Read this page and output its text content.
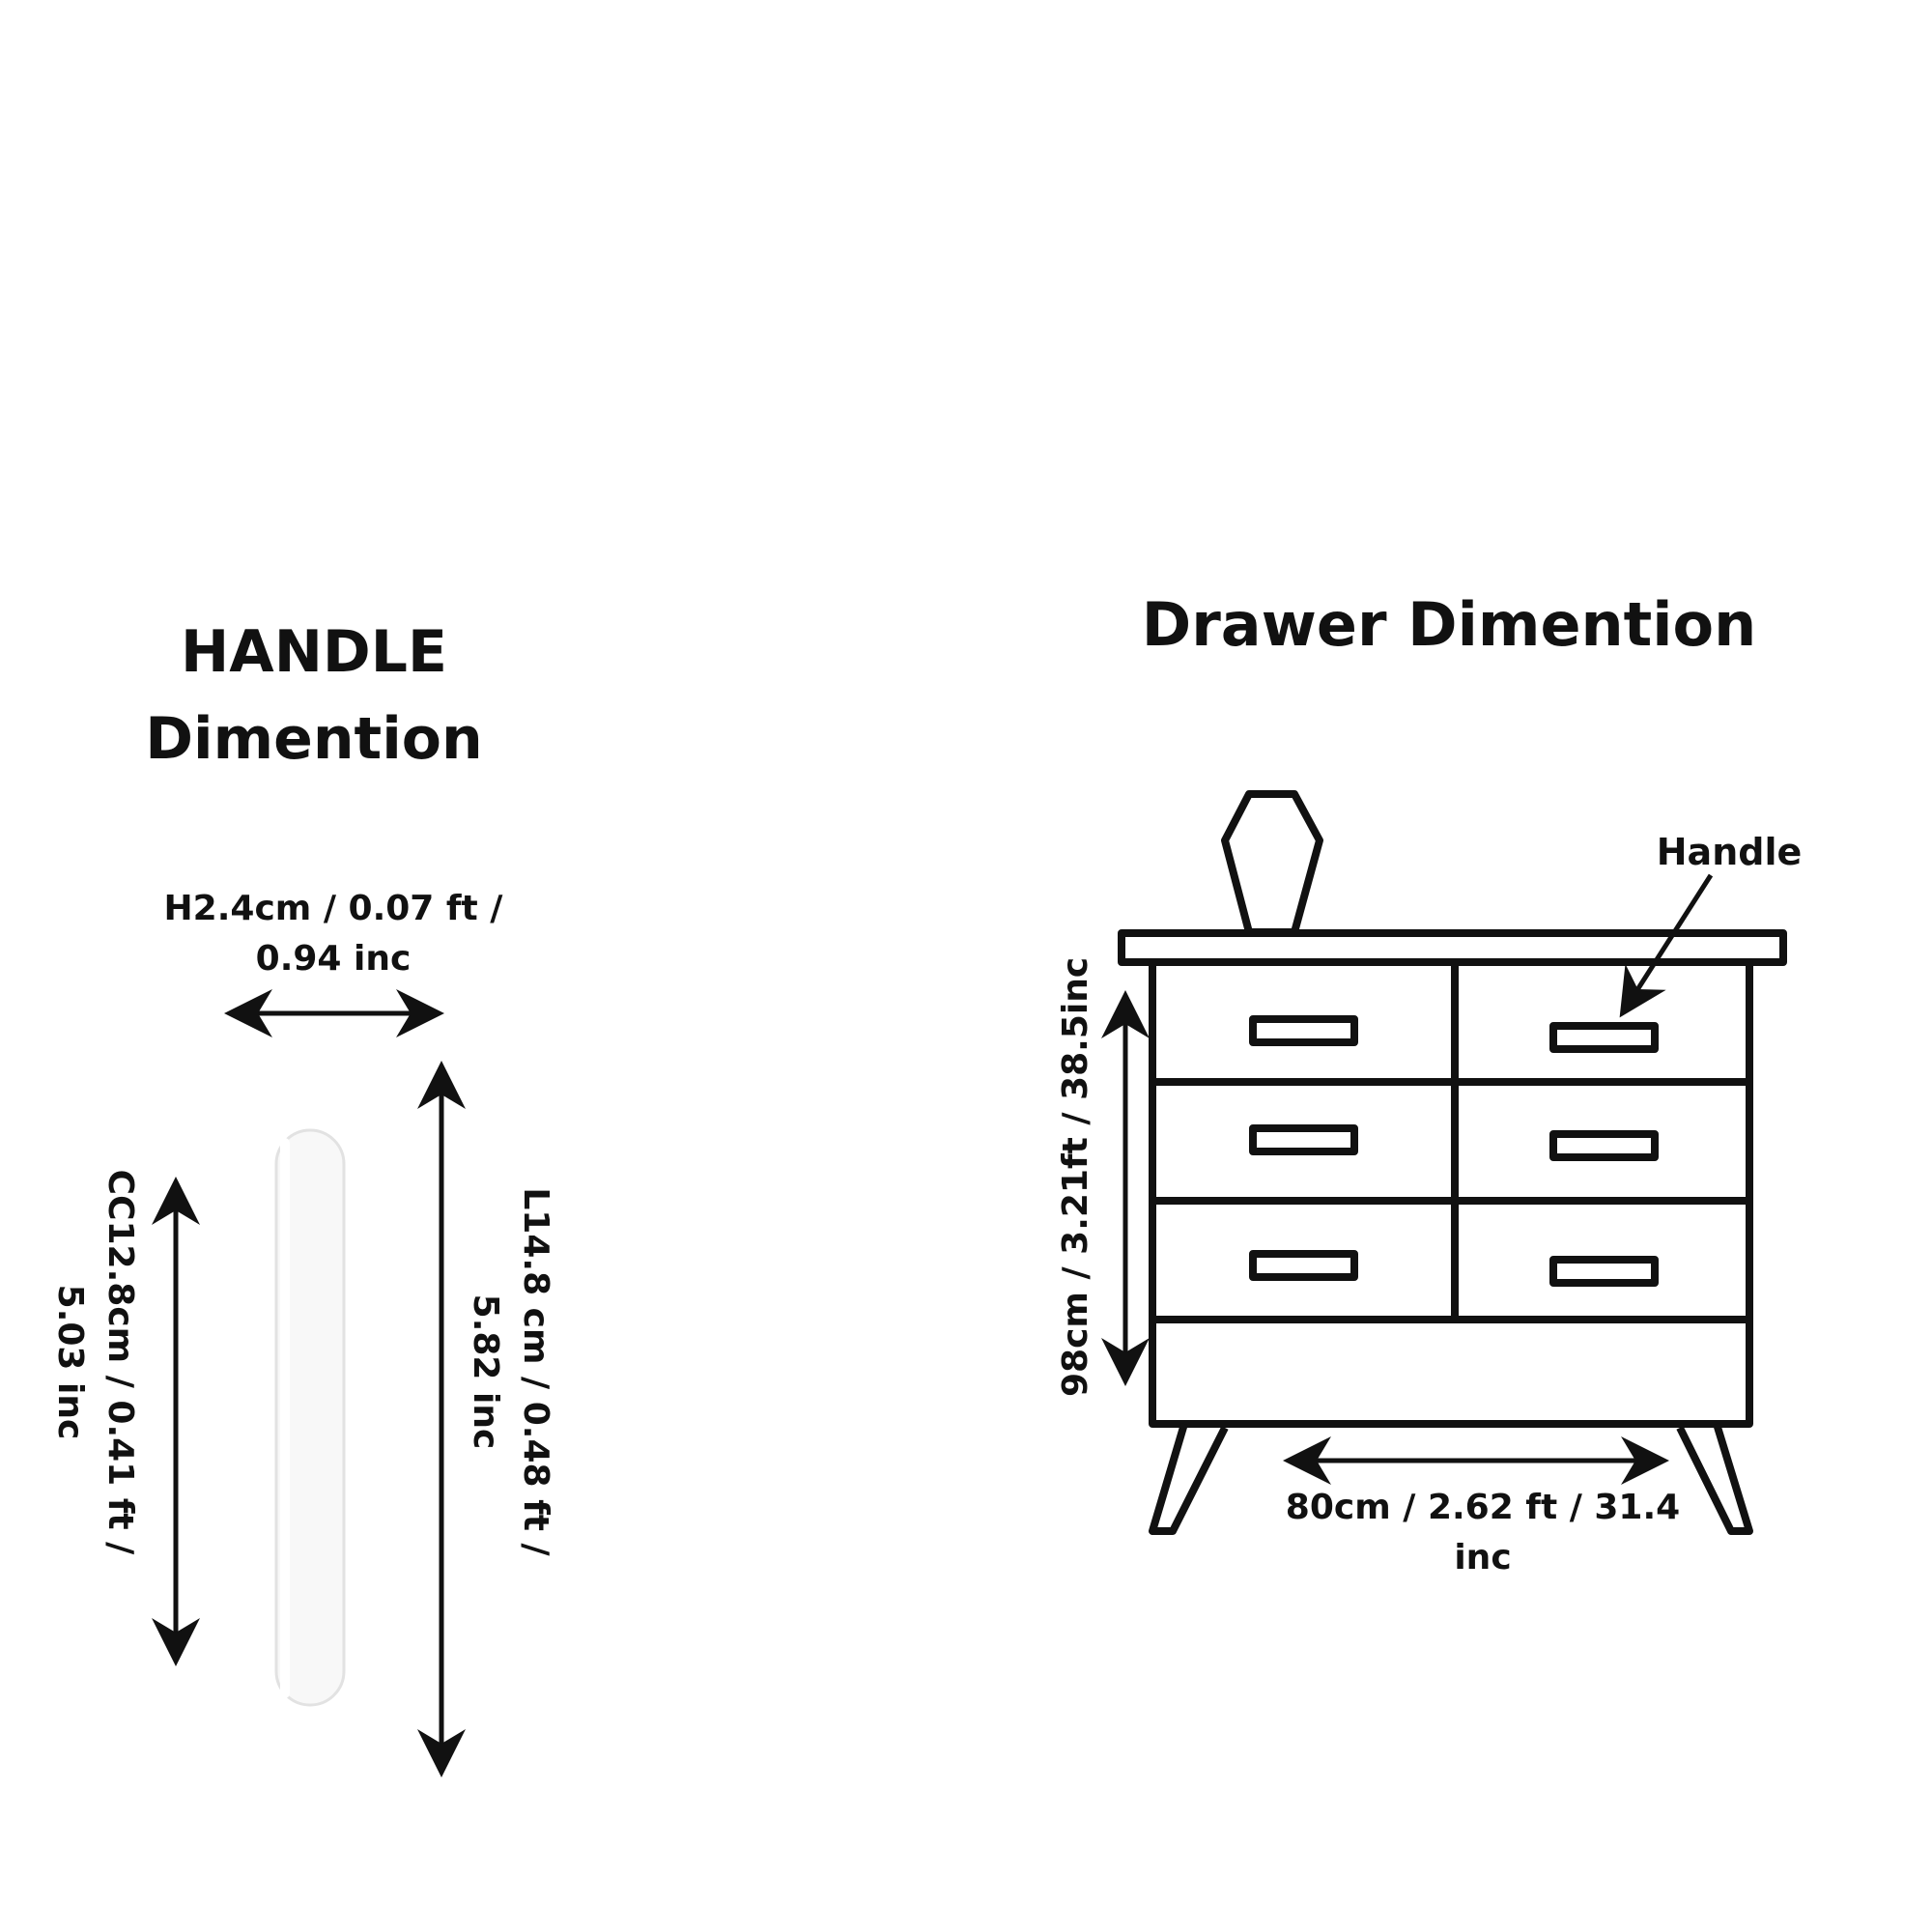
HANDLE
Dimention
Drawer Dimention
H2.4cm / 0.07 ft /
0.94 inc
CC12.8cm / 0.41 ft /
5.03 inc	L14.8 cm / 0.48 ft /
5.82 inc
Handle
98cm / 3.21ft / 38.5inc
80cm / 2.62 ft / 31.4
inc
